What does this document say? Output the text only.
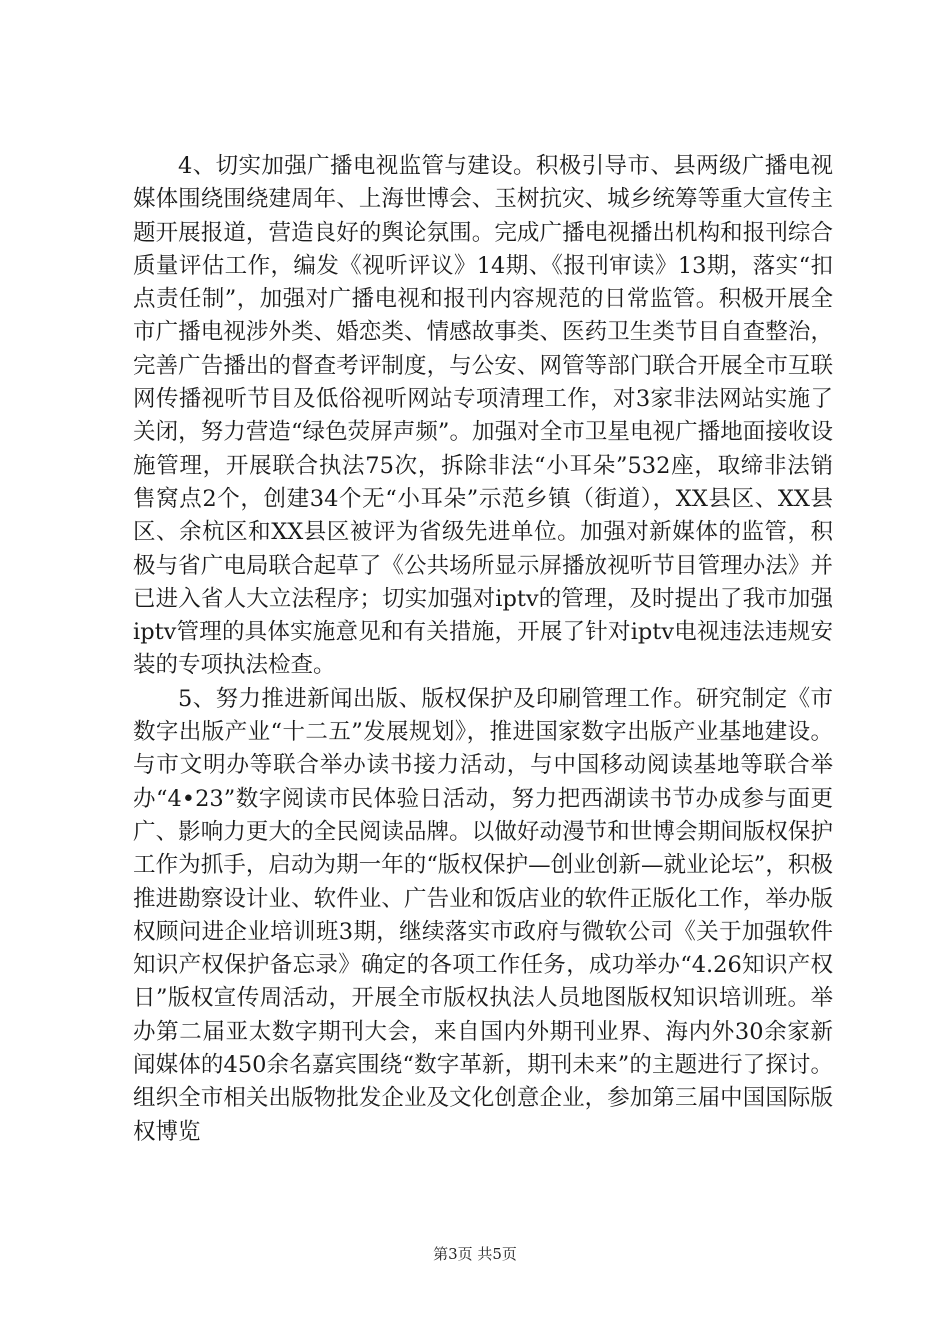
4、切实加强广播电视监管与建设。积极引导市、县两级广播电视媒体围绕围绕建周年、上海世博会、玉树抗灾、城乡统筹等重大宣传主题开展报道，营造良好的舆论氛围。完成广播电视播出机构和报刊综合质量评估工作，编发《视听评议》14期、《报刊审读》13期，落实“扣点责任制”，加强对广播电视和报刊内容规范的日常监管。积极开展全市广播电视涉外类、婚恋类、情感故事类、医药卫生类节目自查整治，完善广告播出的督查考评制度，与公安、网管等部门联合开展全市互联网传播视听节目及低俗视听网站专项清理工作，对3家非法网站实施了关闭，努力营造“绿色荧屏声频”。加强对全市卫星电视广播地面接收设施管理，开展联合执法75次，拆除非法“小耳朵”532座，取缔非法销售窝点2个，创建34个无“小耳朵”示范乡镇（街道），XX县区、XX县区、余杭区和XX县区被评为省级先进单位。加强对新媒体的监管，积极与省广电局联合起草了《公共场所显示屏播放视听节目管理办法》并已进入省人大立法程序；切实加强对iptv的管理，及时提出了我市加强iptv管理的具体实施意见和有关措施，开展了针对iptv电视违法违规安装的专项执法检查。

5、努力推进新闻出版、版权保护及印刷管理工作。研究制定《市数字出版产业“十二五”发展规划》，推进国家数字出版产业基地建设。与市文明办等联合举办读书接力活动，与中国移动阅读基地等联合举办“4•23”数字阅读市民体验日活动，努力把西湖读书节办成参与面更广、影响力更大的全民阅读品牌。以做好动漫节和世博会期间版权保护工作为抓手，启动为期一年的“版权保护—创业创新—就业论坛”，积极推进勘察设计业、软件业、广告业和饭店业的软件正版化工作，举办版权顾问进企业培训班3期，继续落实市政府与微软公司《关于加强软件知识产权保护备忘录》确定的各项工作任务，成功举办“4.26知识产权日”版权宣传周活动，开展全市版权执法人员地图版权知识培训班。举办第二届亚太数字期刊大会，来自国内外期刊业界、海内外30余家新闻媒体的450余名嘉宾围绕“数字革新，期刊未来”的主题进行了探讨。组织全市相关出版物批发企业及文化创意企业，参加第三届中国国际版权博览

第3页 共5页
